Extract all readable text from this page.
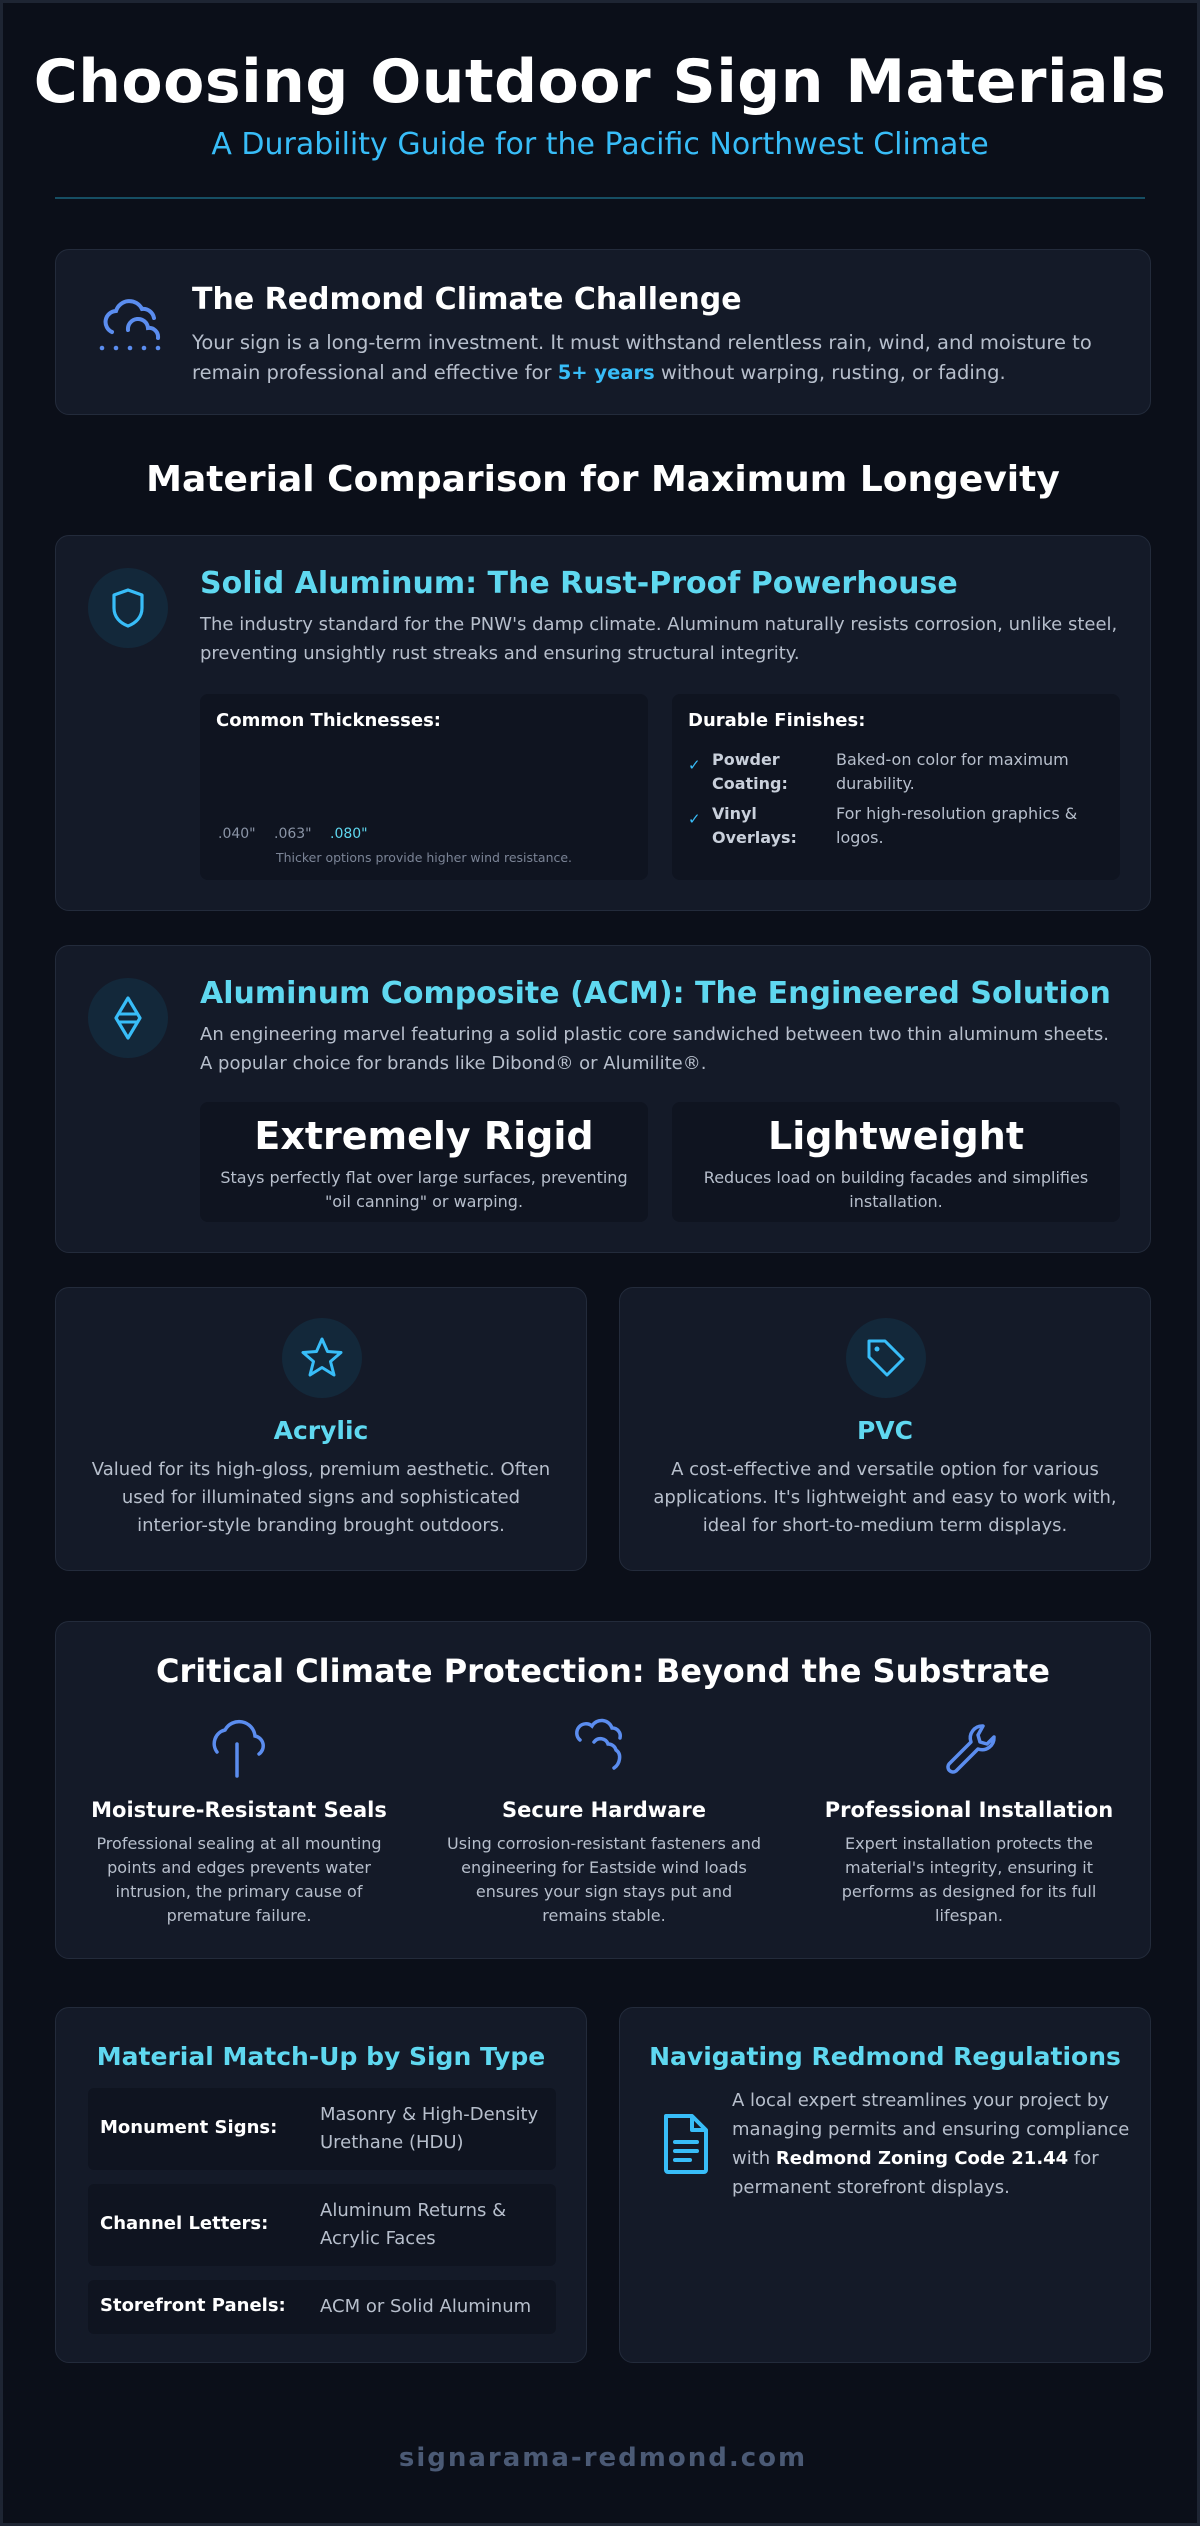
Choosing Outdoor Sign Materials
A Durability Guide for the Pacific Northwest Climate
The Redmond Climate Challenge

Your sign is a long-term investment. It must withstand relentless rain, wind, and moisture to remain professional and effective for 5+ years without warping, rusting, or fading.

Material Comparison for Maximum Longevity
Solid Aluminum: The Rust-Proof Powerhouse
The industry standard for the PNW's damp climate. Aluminum naturally resists corrosion, unlike steel, preventing unsightly rust streaks and ensuring structural integrity.
Common Thicknesses:
.040" .063" .080"
Thicker options provide higher wind resistance.
Durable Finishes:
✓ Powder Coating:
Baked-on color for maximum durability.
✓ Vinyl Overlays:
For high-resolution graphics & logos.
Aluminum Composite (ACM): The Engineered Solution
An engineering marvel featuring a solid plastic core sandwiched between two thin aluminum sheets. A popular choice for brands like Dibond® or Alumilite®.
Extremely Rigid
Stays perfectly flat over large surfaces, preventing "oil canning" or warping.
Lightweight
Reduces load on building facades and simplifies installation.
Acrylic

Valued for its high-gloss, premium aesthetic. Often used for illuminated signs and sophisticated interior-style branding brought outdoors.

PVC

A cost-effective and versatile option for various applications. It's lightweight and easy to work with, ideal for short-to-medium term displays.

Critical Climate Protection: Beyond the Substrate
Moisture-Resistant Seals

Professional sealing at all mounting points and edges prevents water intrusion, the primary cause of premature failure.

Secure Hardware

Using corrosion-resistant fasteners and engineering for Eastside wind loads ensures your sign stays put and remains stable.

Professional Installation

Expert installation protects the material's integrity, ensuring it performs as designed for its full lifespan.

Material Match-Up by Sign Type
Monument Signs:
Masonry & High-Density Urethane (HDU)
Channel Letters:
Aluminum Returns & Acrylic Faces
Storefront Panels: ACM or Solid Aluminum
Navigating Redmond Regulations

A local expert streamlines your project by managing permits and ensuring compliance with Redmond Zoning Code 21.44 for permanent storefront displays.

signarama-redmond.com
